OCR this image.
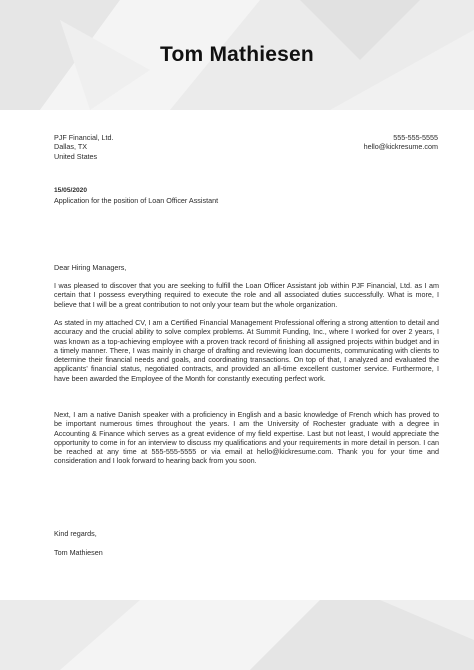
Tom Mathiesen
PJF Financial, Ltd.
Dallas, TX
United States
555-555-5555
hello@kickresume.com
15/05/2020
Application for the position of Loan Officer Assistant
Dear Hiring Managers,
I was pleased to discover that you are seeking to fulfill the Loan Officer Assistant job within PJF Financial, Ltd. as I am certain that I possess everything required to execute the role and all associated duties successfully. What is more, I believe that I will be a great contribution to not only your team but the whole organization.
As stated in my attached CV, I am a Certified Financial Management Professional offering a strong attention to detail and accuracy and the crucial ability to solve complex problems. At Summit Funding, Inc., where I worked for over 2 years, I was known as a top-achieving employee with a proven track record of finishing all assigned projects within budget and in a timely manner. There, I was mainly in charge of drafting and reviewing loan documents, communicating with clients to determine their financial needs and goals, and coordinating transactions. On top of that, I analyzed and evaluated the applicants' financial status, negotiated contracts, and provided an all-time excellent customer service. Furthermore, I have been awarded the Employee of the Month for constantly executing perfect work.
Next, I am a native Danish speaker with a proficiency in English and a basic knowledge of French which has proved to be important numerous times throughout the years. I am the University of Rochester graduate with a degree in Accounting & Finance which serves as a great evidence of my field expertise. Last but not least, I would appreciate the opportunity to come in for an interview to discuss my qualifications and your requirements in more detail in person. I can be reached at any time at 555-555-5555 or via email at hello@kickresume.com. Thank you for your time and consideration and I look forward to hearing back from you soon.
Kind regards,
Tom Mathiesen
